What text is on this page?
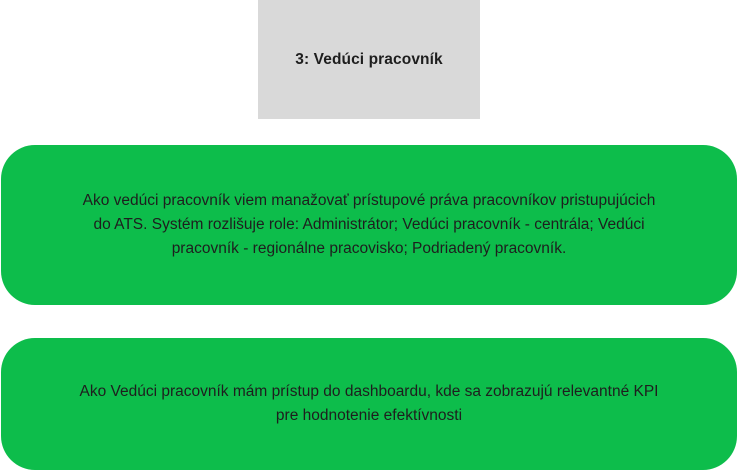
3: Vedúci pracovník

Ako vedúci pracovník viem manažovať prístupové práva pracovníkov pristupujúcich
do ATS. Systém rozlišuje role: Administrátor; Vedúci pracovník - centrála; Vedúci
pracovník - regionálne pracovisko; Podriadený pracovník.

Ako Vedúci pracovník mám prístup do dashboardu, kde sa zobrazujú relevantné KPI
pre hodnotenie efektívnosti
